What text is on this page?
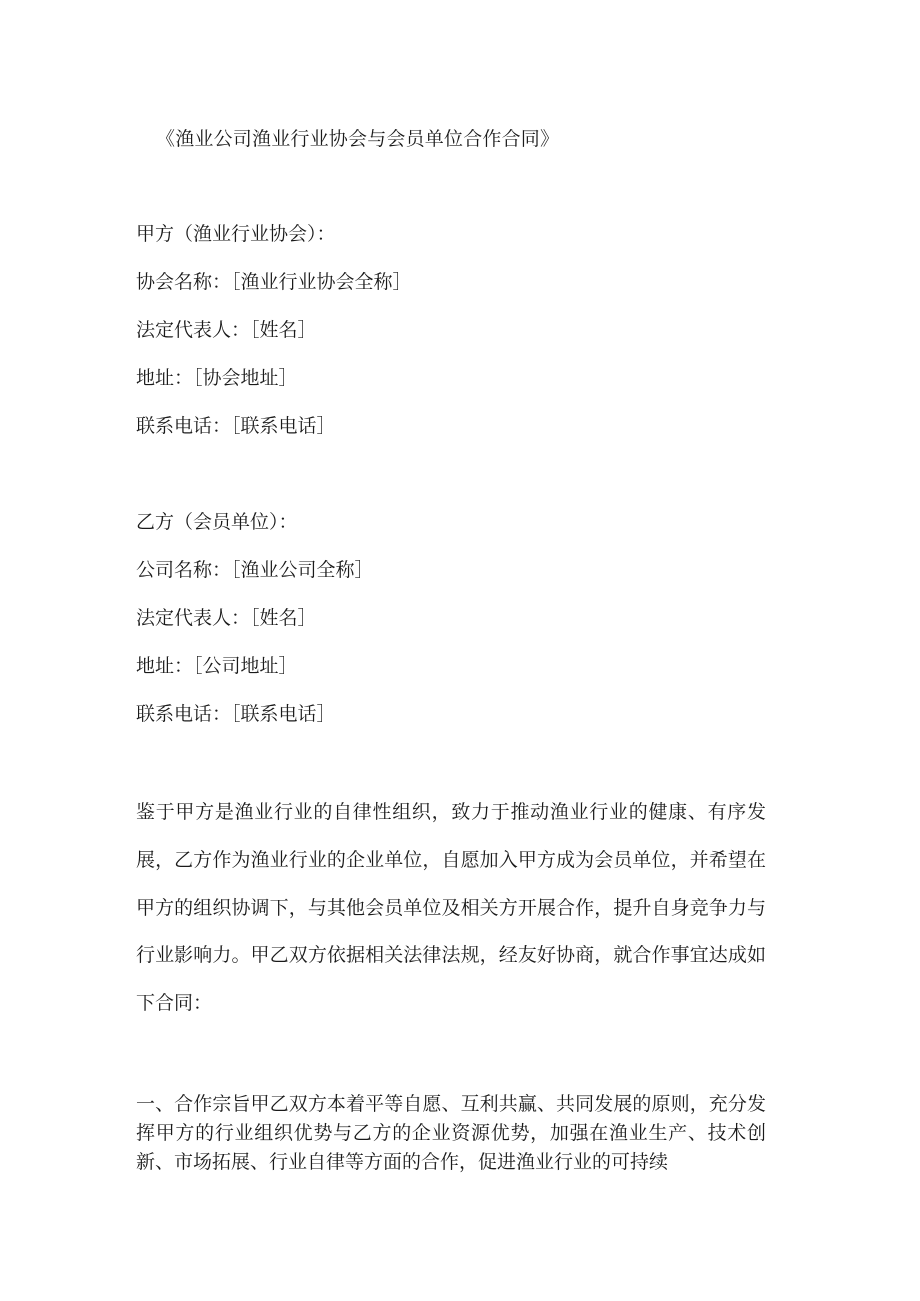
《渔业公司渔业行业协会与会员单位合作合同》
甲方（渔业行业协会）：
协会名称：［渔业行业协会全称］
法定代表人：［姓名］
地址：［协会地址］
联系电话：［联系电话］
乙方（会员单位）：
公司名称：［渔业公司全称］
法定代表人：［姓名］
地址：［公司地址］
联系电话：［联系电话］
鉴于甲方是渔业行业的自律性组织，致力于推动渔业行业的健康、有序发展，乙方作为渔业行业的企业单位，自愿加入甲方成为会员单位，并希望在甲方的组织协调下，与其他会员单位及相关方开展合作，提升自身竞争力与行业影响力。甲乙双方依据相关法律法规，经友好协商，就合作事宜达成如下合同：
一、合作宗旨甲乙双方本着平等自愿、互利共赢、共同发展的原则，充分发挥甲方的行业组织优势与乙方的企业资源优势，加强在渔业生产、技术创新、市场拓展、行业自律等方面的合作，促进渔业行业的可持续
